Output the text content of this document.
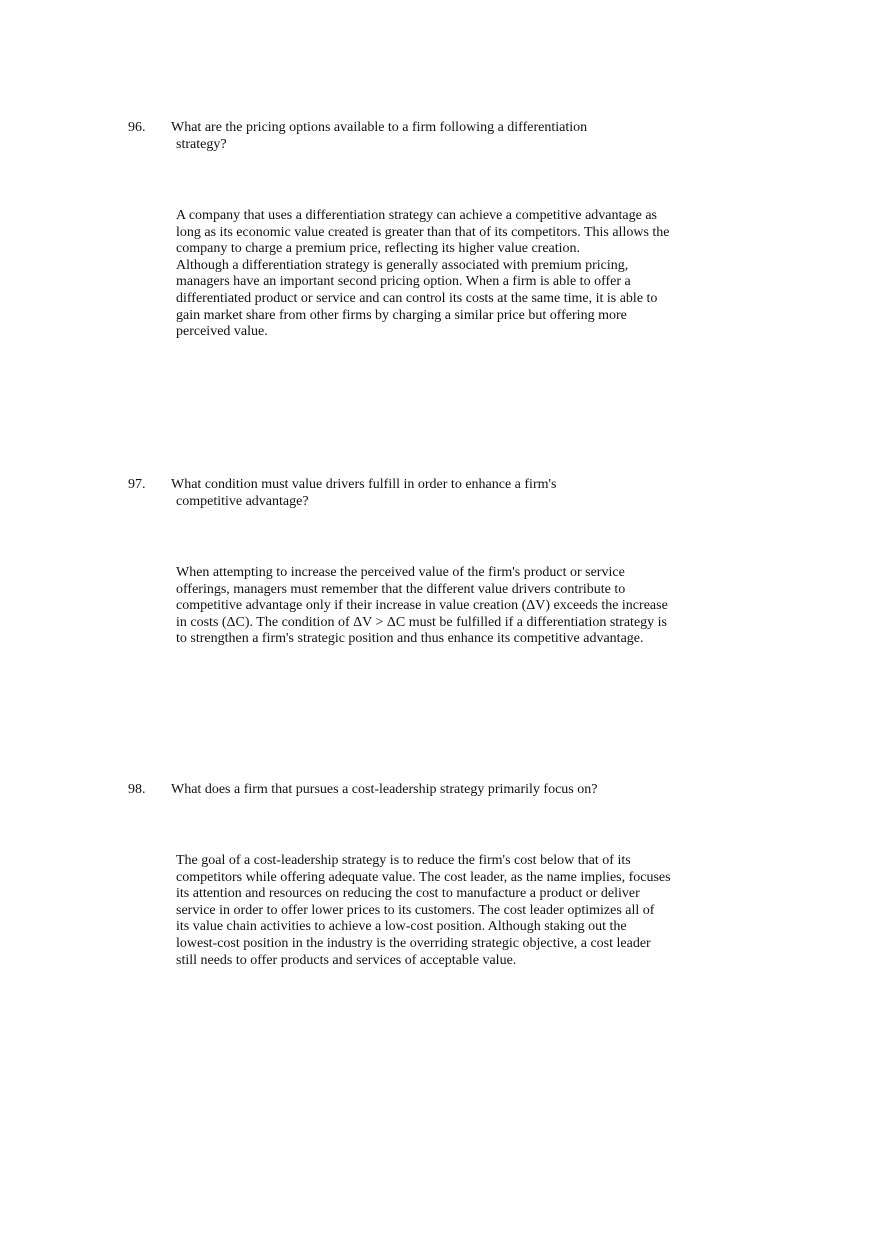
96. What are the pricing options available to a firm following a differentiation strategy?

A company that uses a differentiation strategy can achieve a competitive advantage as long as its economic value created is greater than that of its competitors. This allows the company to charge a premium price, reflecting its higher value creation.

Although a differentiation strategy is generally associated with premium pricing, managers have an important second pricing option. When a firm is able to offer a differentiated product or service and can control its costs at the same time, it is able to gain market share from other firms by charging a similar price but offering more perceived value.

97. What condition must value drivers fulfill in order to enhance a firm's competitive advantage?

When attempting to increase the perceived value of the firm's product or service offerings, managers must remember that the different value drivers contribute to competitive advantage only if their increase in value creation (ΔV) exceeds the increase in costs (ΔC). The condition of ΔV > ΔC must be fulfilled if a differentiation strategy is to strengthen a firm's strategic position and thus enhance its competitive advantage.

98. What does a firm that pursues a cost-leadership strategy primarily focus on?

The goal of a cost-leadership strategy is to reduce the firm's cost below that of its competitors while offering adequate value. The cost leader, as the name implies, focuses its attention and resources on reducing the cost to manufacture a product or deliver service in order to offer lower prices to its customers. The cost leader optimizes all of its value chain activities to achieve a low-cost position. Although staking out the lowest-cost position in the industry is the overriding strategic objective, a cost leader still needs to offer products and services of acceptable value.
